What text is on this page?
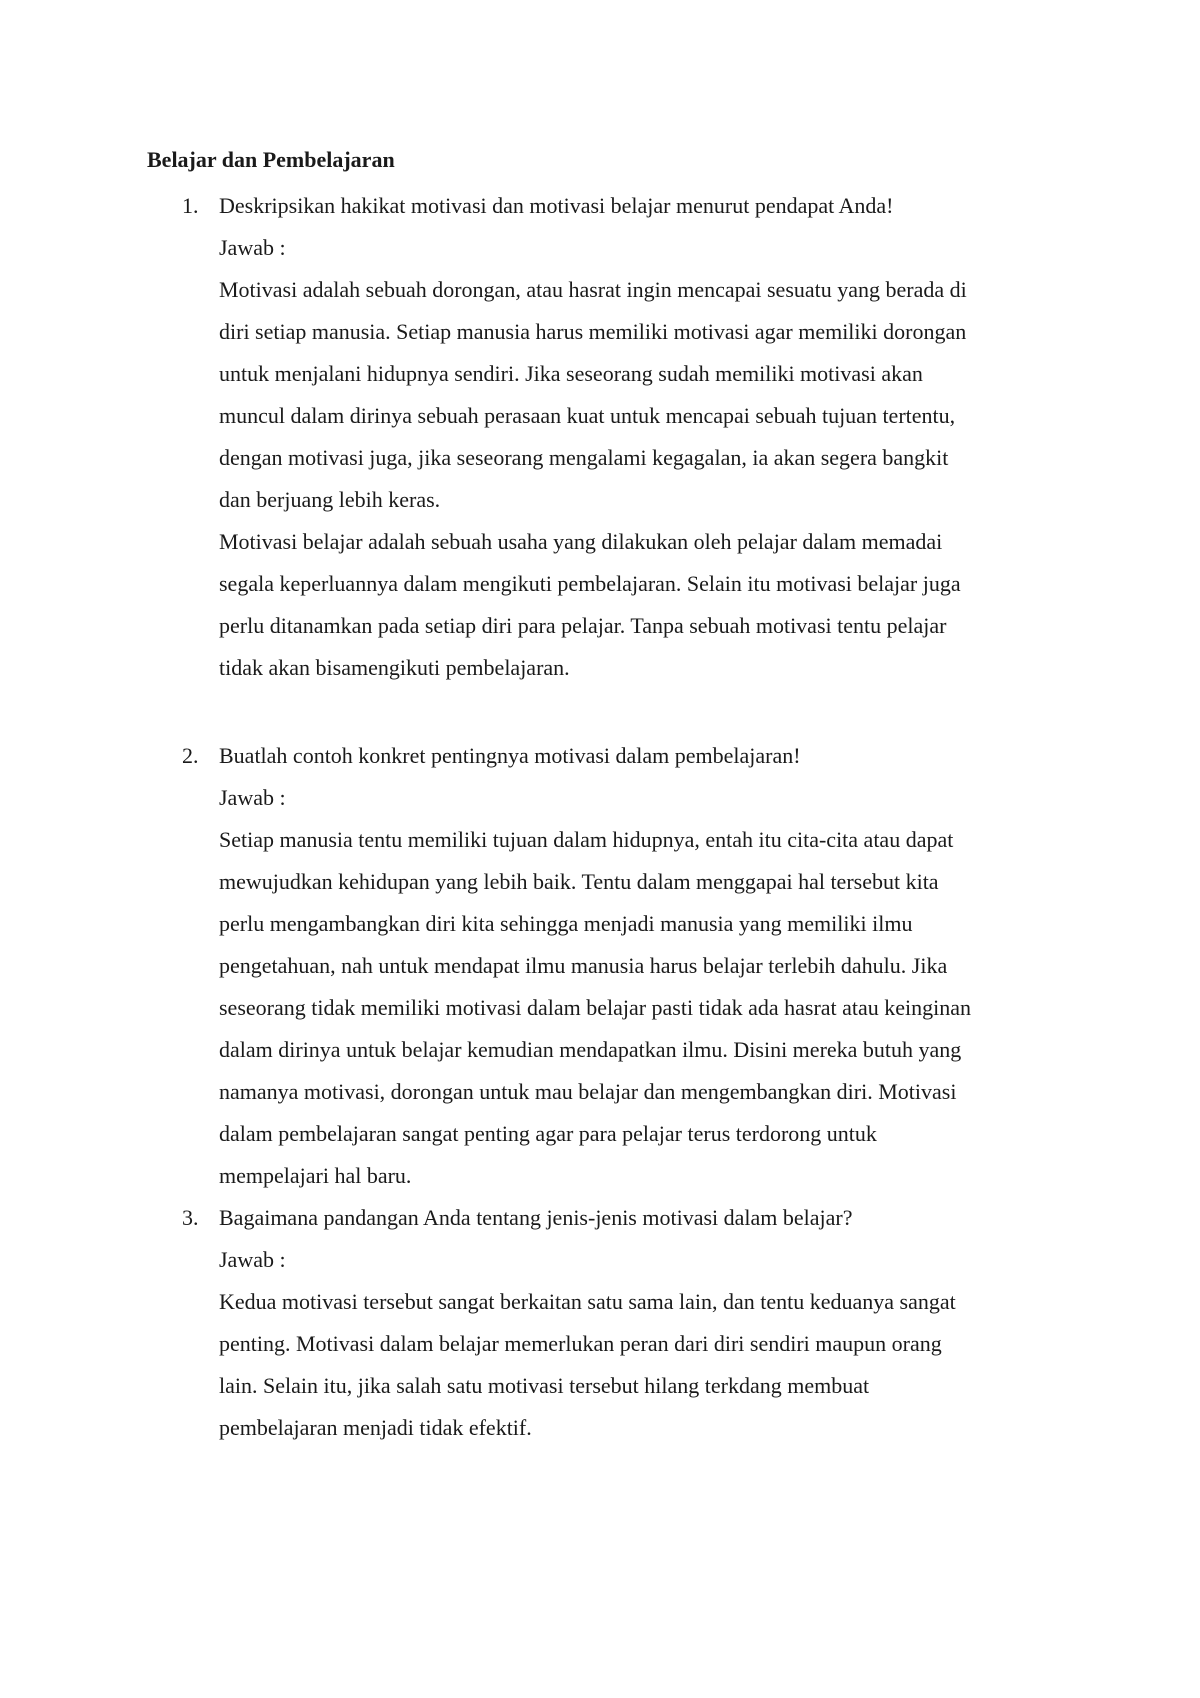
Belajar dan Pembelajaran
1. Deskripsikan hakikat motivasi dan motivasi belajar menurut pendapat Anda!

Jawab :

Motivasi adalah sebuah dorongan, atau hasrat ingin mencapai sesuatu yang berada di

diri setiap manusia. Setiap manusia harus memiliki motivasi agar memiliki dorongan

untuk menjalani hidupnya sendiri. Jika seseorang sudah memiliki motivasi akan

muncul dalam dirinya sebuah perasaan kuat untuk mencapai sebuah tujuan tertentu,

dengan motivasi juga, jika seseorang mengalami kegagalan, ia akan segera bangkit

dan berjuang lebih keras.

Motivasi belajar adalah sebuah usaha yang dilakukan oleh pelajar dalam memadai

segala keperluannya dalam mengikuti pembelajaran. Selain itu motivasi belajar juga

perlu ditanamkan pada setiap diri para pelajar. Tanpa sebuah motivasi tentu pelajar

tidak akan bisamengikuti pembelajaran.

2. Buatlah contoh konkret pentingnya motivasi dalam pembelajaran!

Jawab :

Setiap manusia tentu memiliki tujuan dalam hidupnya, entah itu cita-cita atau dapat

mewujudkan kehidupan yang lebih baik. Tentu dalam menggapai hal tersebut kita

perlu mengambangkan diri kita sehingga menjadi manusia yang memiliki ilmu

pengetahuan, nah untuk mendapat ilmu manusia harus belajar terlebih dahulu. Jika

seseorang tidak memiliki motivasi dalam belajar pasti tidak ada hasrat atau keinginan

dalam dirinya untuk belajar kemudian mendapatkan ilmu. Disini mereka butuh yang

namanya motivasi, dorongan untuk mau belajar dan mengembangkan diri. Motivasi

dalam pembelajaran sangat penting agar para pelajar terus terdorong untuk

mempelajari hal baru.

3. Bagaimana pandangan Anda tentang jenis-jenis motivasi dalam belajar?

Jawab :

Kedua motivasi tersebut sangat berkaitan satu sama lain, dan tentu keduanya sangat

penting. Motivasi dalam belajar memerlukan peran dari diri sendiri maupun orang

lain. Selain itu, jika salah satu motivasi tersebut hilang terkdang membuat

pembelajaran menjadi tidak efektif.
